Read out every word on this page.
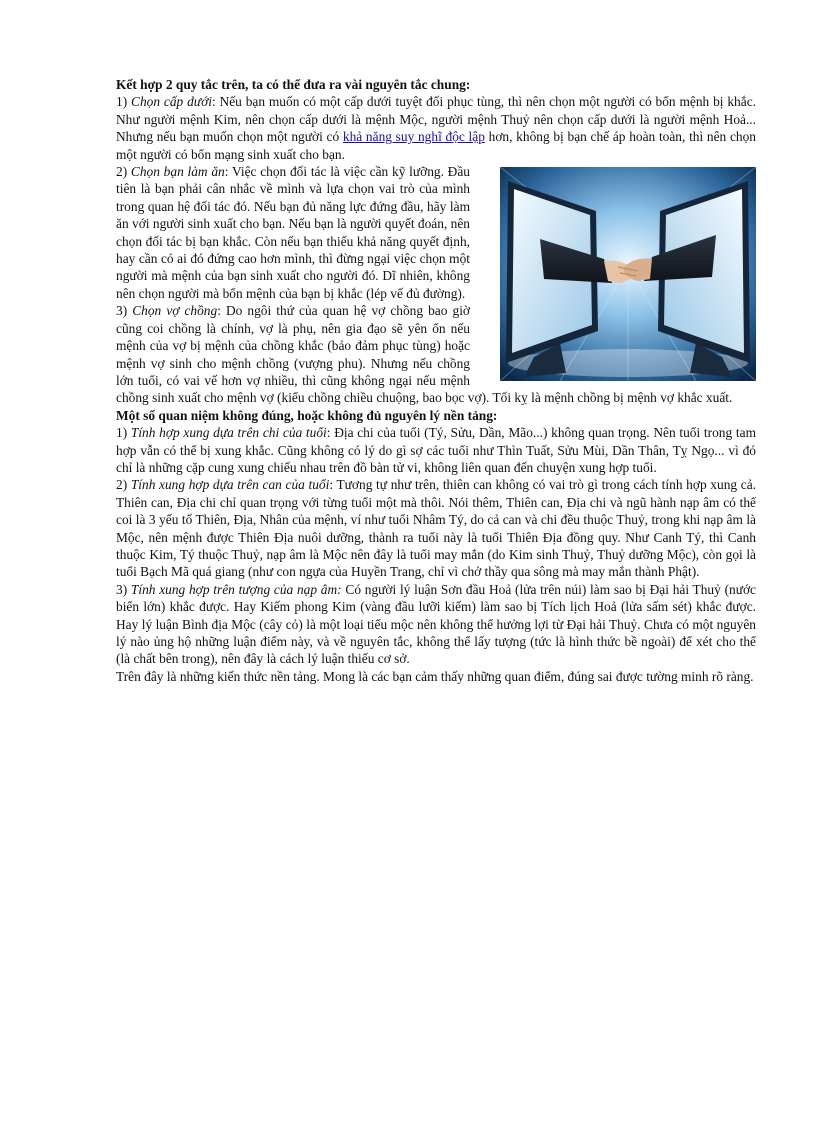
Kết hợp 2 quy tắc trên, ta có thể đưa ra vài nguyên tắc chung:

1) Chọn cấp dưới: Nếu bạn muốn có một cấp dưới tuyệt đối phục tùng, thì nên chọn một người có bổn mệnh bị khắc. Như người mệnh Kim, nên chọn cấp dưới là mệnh Mộc, người mệnh Thuỷ nên chọn cấp dưới là người mệnh Hoả... Nhưng nếu bạn muốn chọn một người có khả năng suy nghĩ độc lập hơn, không bị bạn chế áp hoàn toàn, thì nên chọn một người có bổn mạng sinh xuất cho bạn.

2) Chọn bạn làm ăn: Việc chọn đối tác là việc cần kỹ lưỡng. Đầu tiên là bạn phải cân nhắc về mình và lựa chọn vai trò của mình trong quan hệ đối tác đó. Nếu bạn đủ năng lực đứng đầu, hãy làm ăn với người sinh xuất cho bạn. Nếu bạn là người quyết đoán, nên chọn đối tác bị bạn khắc. Còn nếu bạn thiếu khả năng quyết định, hay cần có ai đó đứng cao hơn mình, thì đừng ngại việc chọn một người mà mệnh của bạn sinh xuất cho người đó. Dĩ nhiên, không nên chọn người mà bổn mệnh của bạn bị khắc (lép vế đủ đường).

3) Chọn vợ chồng: Do ngôi thứ của quan hệ vợ chồng bao giờ cũng coi chồng là chính, vợ là phụ, nên gia đạo sẽ yên ổn nếu mệnh của vợ bị mệnh của chồng khắc (bảo đảm phục tùng) hoặc mệnh vợ sinh cho mệnh chồng (vượng phu). Nhưng nếu chồng lớn tuổi, có vai vế hơn vợ nhiều, thì cũng không ngại nếu mệnh chồng sinh xuất cho mệnh vợ (kiểu chồng chiều chuộng, bao bọc vợ). Tối kỵ là mệnh chồng bị mệnh vợ khắc xuất.

Một số quan niệm không đúng, hoặc không đủ nguyên lý nền tảng:

1) Tính hợp xung dựa trên chi của tuổi: Địa chi của tuổi (Tý, Sửu, Dần, Mão...) không quan trọng. Nên tuổi trong tam hợp vẫn có thể bị xung khắc. Cũng không có lý do gì sợ các tuổi như Thìn Tuất, Sửu Mùi, Dần Thân, Tỵ Ngọ... vì đó chỉ là những cặp cung xung chiếu nhau trên đồ bàn tử vi, không liên quan đến chuyện xung hợp tuổi.

2) Tính xung hợp dựa trên can của tuổi: Tương tự như trên, thiên can không có vai trò gì trong cách tính hợp xung cả. Thiên can, Địa chi chỉ quan trọng với từng tuổi một mà thôi. Nói thêm, Thiên can, Địa chi và ngũ hành nạp âm có thể coi là 3 yếu tố Thiên, Địa, Nhân của mệnh, ví như tuổi Nhâm Tý, do cả can và chi đều thuộc Thuỷ, trong khi nạp âm là Mộc, nên mệnh được Thiên Địa nuôi dưỡng, thành ra tuổi này là tuổi Thiên Địa đồng quy. Như Canh Tý, thì Canh thuộc Kim, Tý thuộc Thuỷ, nạp âm là Mộc nên đây là tuổi may mắn (do Kim sinh Thuỷ, Thuỷ dưỡng Mộc), còn gọi là tuổi Bạch Mã quá giang (như con ngựa của Huyền Trang, chỉ vì chở thầy qua sông mà may mắn thành Phật).

3) Tính xung hợp trên tượng của nạp âm: Có người lý luận Sơn đầu Hoả (lửa trên núi) làm sao bị Đại hải Thuỷ (nước biển lớn) khắc được. Hay Kiếm phong Kim (vàng đầu lưỡi kiếm) làm sao bị Tích lịch Hoả (lửa sấm sét) khắc được. Hay lý luận Bình địa Mộc (cây cỏ) là một loại tiểu mộc nên không thể hưởng lợi từ Đại hải Thuỷ. Chưa có một nguyên lý nào ủng hộ những luận điểm này, và về nguyên tắc, không thể lấy tượng (tức là hình thức bề ngoài) để xét cho thể (là chất bên trong), nên đây là cách lý luận thiếu cơ sở.

Trên đây là những kiến thức nền tảng. Mong là các bạn cảm thấy những quan điểm, đúng sai được tường minh rõ ràng.
